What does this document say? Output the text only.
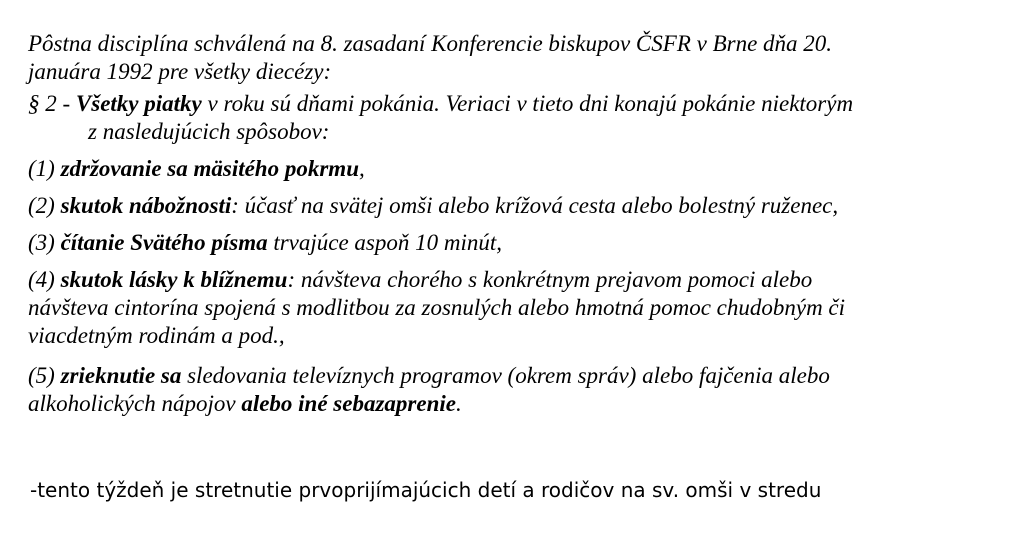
Pôstna disciplína schválená na 8. zasadaní Konferencie biskupov ČSFR v Brne dňa 20.
januára 1992 pre všetky diecézy:
§ 2 - Všetky piatky v roku sú dňami pokánia. Veriaci v tieto dni konajú pokánie niektorým
z nasledujúcich spôsobov:
(1) zdržovanie sa mäsitého pokrmu,
(2) skutok nábožnosti: účasť na svätej omši alebo krížová cesta alebo bolestný ruženec,
(3) čítanie Svätého písma trvajúce aspoň 10 minút,
(4) skutok lásky k blížnemu: návšteva chorého s konkrétnym prejavom pomoci alebo
návšteva cintorína spojená s modlitbou za zosnulých alebo hmotná pomoc chudobným či
viacdetným rodinám a pod.,
(5) zrieknutie sa sledovania televíznych programov (okrem správ) alebo fajčenia alebo
alkoholických nápojov alebo iné sebazaprenie.
-tento týždeň je stretnutie prvoprijímajúcich detí a rodičov na sv. omši v stredu
